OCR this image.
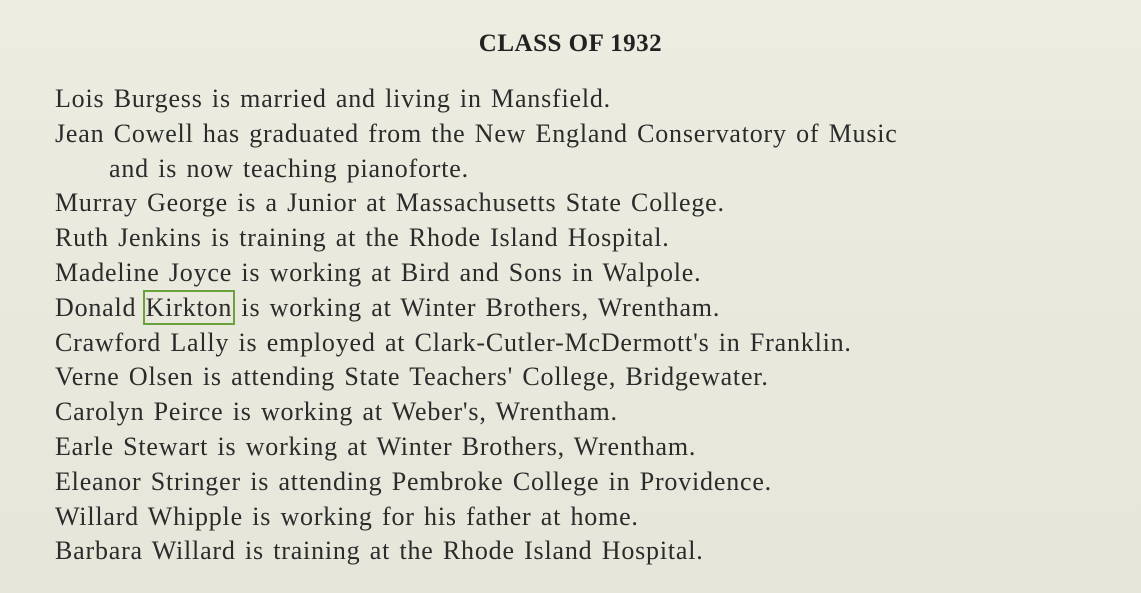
CLASS OF 1932
Lois Burgess is married and living in Mansfield.
Jean Cowell has graduated from the New England Conservatory of Music
and is now teaching pianoforte.
Murray George is a Junior at Massachusetts State College.
Ruth Jenkins is training at the Rhode Island Hospital.
Madeline Joyce is working at Bird and Sons in Walpole.
Donald Kirkton is working at Winter Brothers, Wrentham.
Crawford Lally is employed at Clark-Cutler-McDermott's in Franklin.
Verne Olsen is attending State Teachers' College, Bridgewater.
Carolyn Peirce is working at Weber's, Wrentham.
Earle Stewart is working at Winter Brothers, Wrentham.
Eleanor Stringer is attending Pembroke College in Providence.
Willard Whipple is working for his father at home.
Barbara Willard is training at the Rhode Island Hospital.
